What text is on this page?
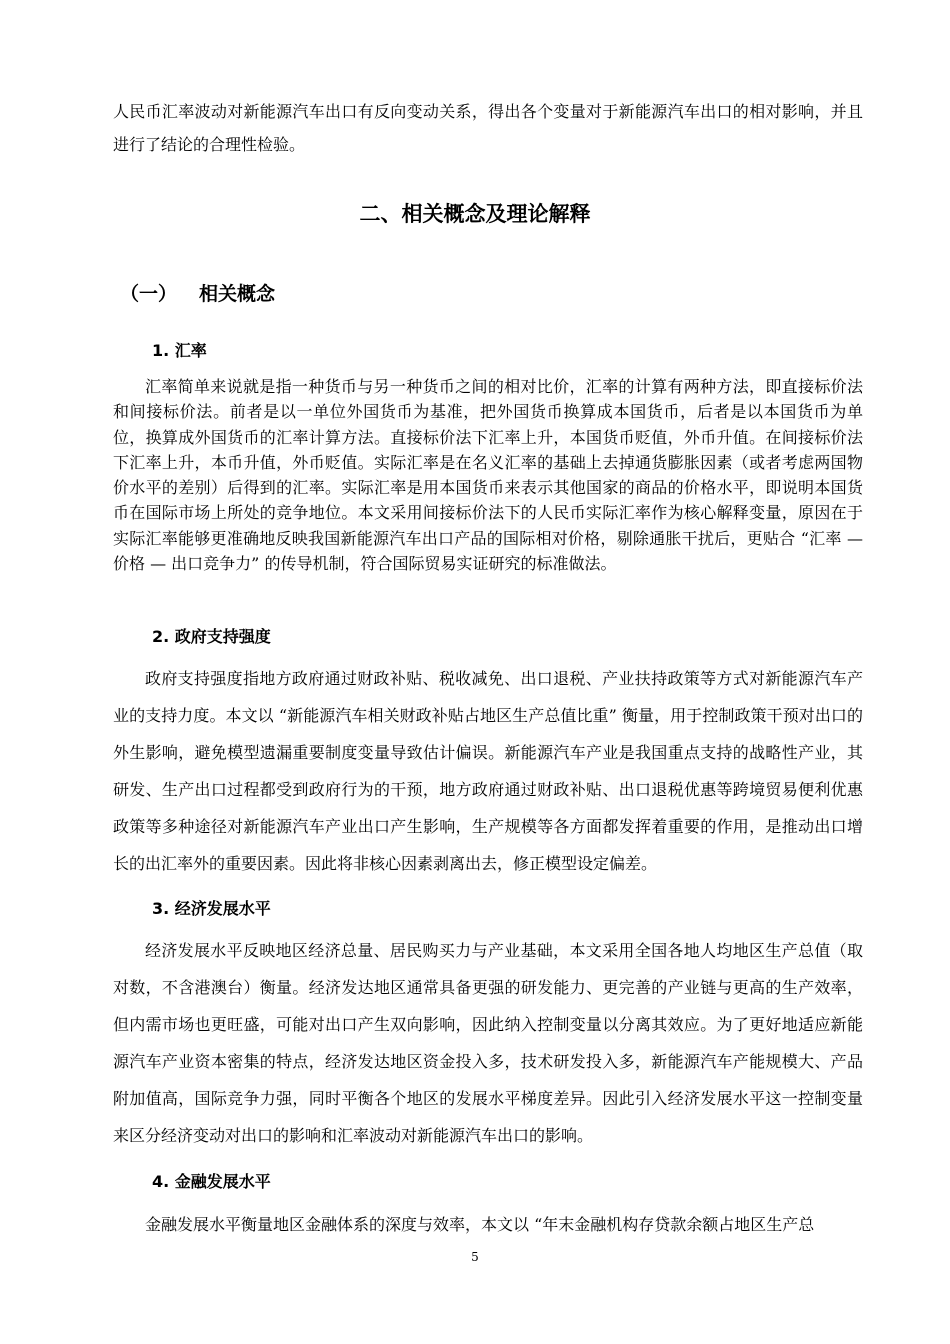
人民币汇率波动对新能源汽车出口有反向变动关系，得出各个变量对于新能源汽车出口的相对影响，并且进行了结论的合理性检验。

二、相关概念及理论解释
（一） 相关概念
1. 汇率

汇率简单来说就是指一种货币与另一种货币之间的相对比价，汇率的计算有两种方法，即直接标价法和间接标价法。前者是以一单位外国货币为基准，把外国货币换算成本国货币，后者是以本国货币为单位，换算成外国货币的汇率计算方法。直接标价法下汇率上升，本国货币贬值，外币升值。在间接标价法下汇率上升，本币升值，外币贬值。实际汇率是在名义汇率的基础上去掉通货膨胀因素（或者考虑两国物价水平的差别）后得到的汇率。实际汇率是用本国货币来表示其他国家的商品的价格水平，即说明本国货币在国际市场上所处的竞争地位。本文采用间接标价法下的人民币实际汇率作为核心解释变量，原因在于实际汇率能够更准确地反映我国新能源汽车出口产品的国际相对价格，剔除通胀干扰后，更贴合 “汇率 — 价格 — 出口竞争力” 的传导机制，符合国际贸易实证研究的标准做法。

2. 政府支持强度

政府支持强度指地方政府通过财政补贴、税收减免、出口退税、产业扶持政策等方式对新能源汽车产业的支持力度。本文以 “新能源汽车相关财政补贴占地区生产总值比重” 衡量，用于控制政策干预对出口的外生影响，避免模型遗漏重要制度变量导致估计偏误。新能源汽车产业是我国重点支持的战略性产业，其研发、生产出口过程都受到政府行为的干预，地方政府通过财政补贴、出口退税优惠等跨境贸易便利优惠政策等多种途径对新能源汽车产业出口产生影响，生产规模等各方面都发挥着重要的作用，是推动出口增长的出汇率外的重要因素。因此将非核心因素剥离出去，修正模型设定偏差。

3. 经济发展水平

经济发展水平反映地区经济总量、居民购买力与产业基础，本文采用全国各地人均地区生产总值（取对数，不含港澳台）衡量。经济发达地区通常具备更强的研发能力、更完善的产业链与更高的生产效率，但内需市场也更旺盛，可能对出口产生双向影响，因此纳入控制变量以分离其效应。为了更好地适应新能源汽车产业资本密集的特点，经济发达地区资金投入多，技术研发投入多，新能源汽车产能规模大、产品附加值高，国际竞争力强，同时平衡各个地区的发展水平梯度差异。因此引入经济发展水平这一控制变量来区分经济变动对出口的影响和汇率波动对新能源汽车出口的影响。

4. 金融发展水平

金融发展水平衡量地区金融体系的深度与效率，本文以 “年末金融机构存贷款余额占地区生产总

5
